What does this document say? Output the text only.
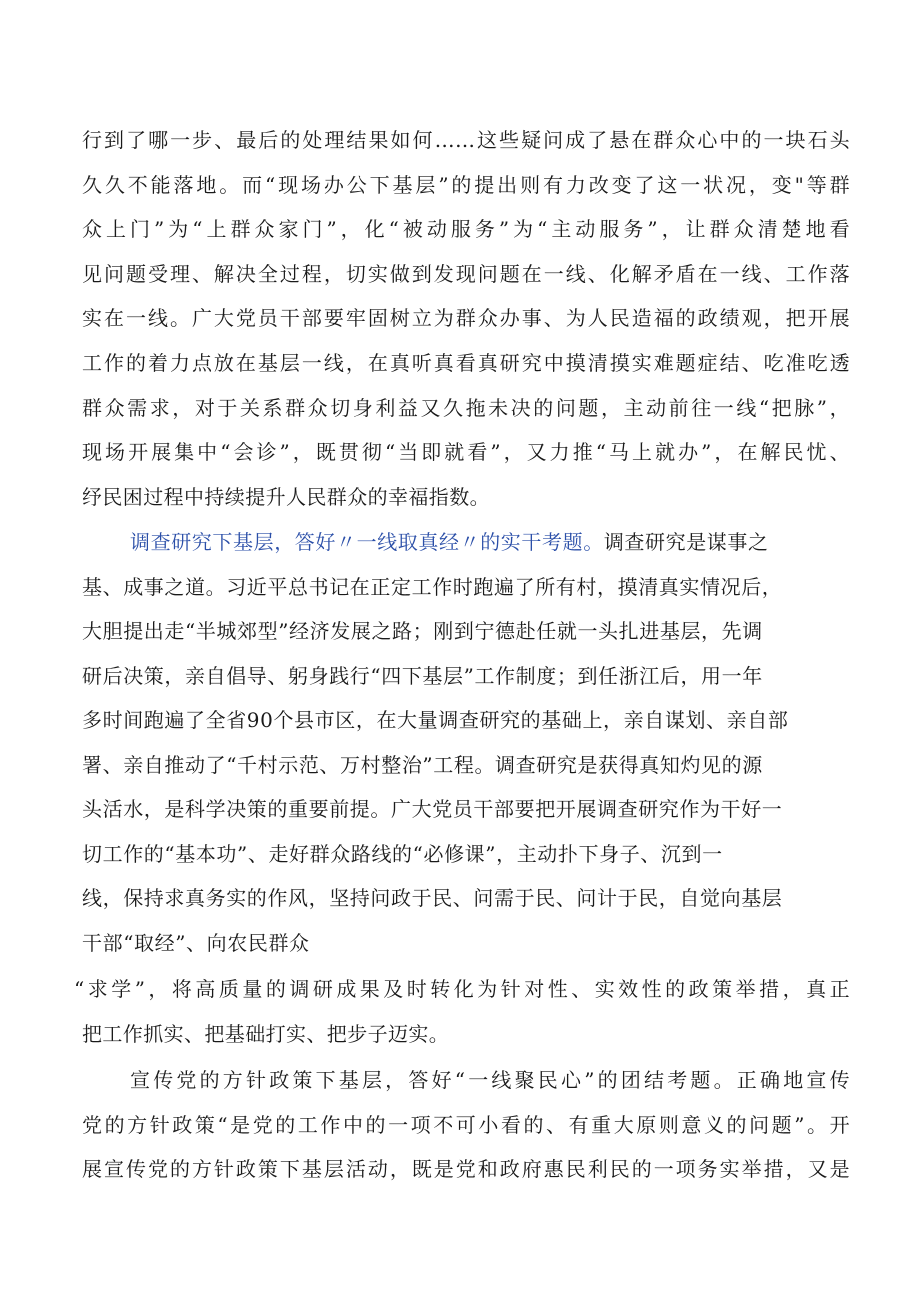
行到了哪一步、最后的处理结果如何……这些疑问成了悬在群众心中的一块石头
久久不能落地。而“现场办公下基层”的提出则有力改变了这一状况，变"等群
众上门”为“上群众家门”，化“被动服务”为“主动服务”，让群众清楚地看
见问题受理、解决全过程，切实做到发现问题在一线、化解矛盾在一线、工作落
实在一线。广大党员干部要牢固树立为群众办事、为人民造福的政绩观，把开展
工作的着力点放在基层一线，在真听真看真研究中摸清摸实难题症结、吃准吃透
群众需求，对于关系群众切身利益又久拖未决的问题，主动前往一线“把脉”，
现场开展集中“会诊”，既贯彻“当即就看”，又力推“马上就办”，在解民忧、
纾民困过程中持续提升人民群众的幸福指数。
调查研究下基层，答好〃一线取真经〃的实干考题。调查研究是谋事之
基、成事之道。习近平总书记在正定工作时跑遍了所有村，摸清真实情况后，
大胆提出走“半城郊型”经济发展之路；刚到宁德赴任就一头扎进基层，先调
研后决策，亲自倡导、躬身践行“四下基层”工作制度；到任浙江后，用一年
多时间跑遍了全省90个县市区，在大量调查研究的基础上，亲自谋划、亲自部
署、亲自推动了“千村示范、万村整治”工程。调查研究是获得真知灼见的源
头活水，是科学决策的重要前提。广大党员干部要把开展调查研究作为干好一
切工作的“基本功”、走好群众路线的“必修课”，主动扑下身子、沉到一
线，保持求真务实的作风，坚持问政于民、问需于民、问计于民，自觉向基层
干部“取经”、向农民群众
“求学”，将高质量的调研成果及时转化为针对性、实效性的政策举措，真正
把工作抓实、把基础打实、把步子迈实。
宣传党的方针政策下基层，答好“一线聚民心”的团结考题。正确地宣传
党的方针政策“是党的工作中的一项不可小看的、有重大原则意义的问题”。开
展宣传党的方针政策下基层活动，既是党和政府惠民利民的一项务实举措，又是
